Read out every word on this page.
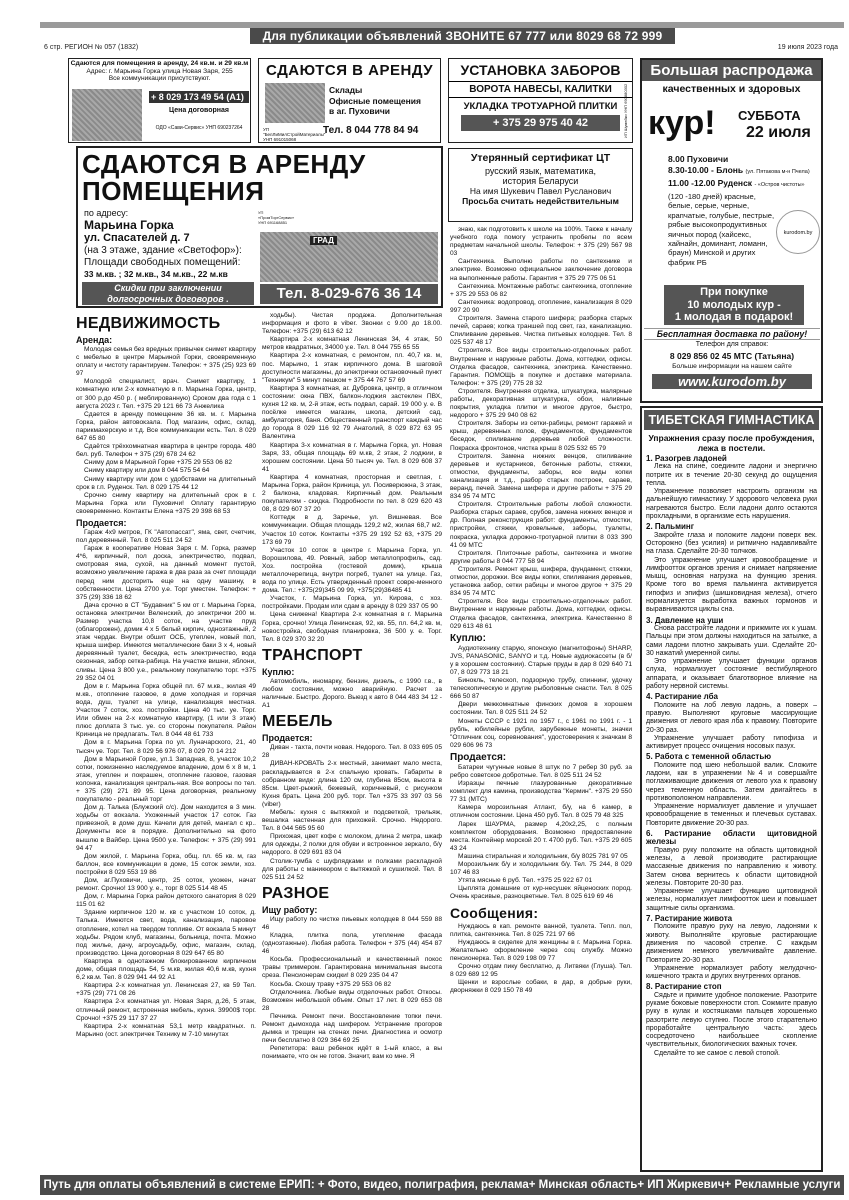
Для публикации объявлений ЗВОНИТЕ 67 777 или 8029 68 72 999
6 стр. РЕГИОН № 057 (1832)	19 июля 2023 года
Сдаются для помещения в аренду, 24 кв.м. и 29 кв.м
Адрес: г. Марьина Горка улица Новая Заря, 255
Все коммуникации присутствуют.
+ 8 029 173 49 54 (A1)
Цена договорная
ОДО «Сави-Сервис» УНП 690237264
СДАЮТСЯ В АРЕНДУ
Склады
Офисные помещения
в аг. Пуховичи
УП "БелЛиМилСтройМатериалы" УНП 691015068
Тел. 8 044 778 84 94
УСТАНОВКА ЗАБОРОВ
ВОРОТА НАВЕСЫ, КАЛИТКИ
УКЛАДКА ТРОТУАРНОЙ ПЛИТКИ
+ 375 29 975 40 42	ИП Шумейко УНП 690880302
Большая распродажа
качественных и здоровых
кур! СУББОТА
22 июля
8.00 Пуховичи
8.30-10.00 - Блонь (ул. Пятакова м-н Пчела)
11.00 -12.00 Руденск - «Остров чистоты»
(120 -180 дней) красные, белые, серые, черные, крапчатые, голубые, пестрые, рябые высокопродуктивных яичных пород (хайсекс, хайнайн, доминант, ломанн, браун) Минской и других фабрик РБ
kurodom.by
При покупке
10 молодых кур -
1 молодая в подарок!
Бесплатная доставка по району!
Телефон для справок:
8 029 856 02 45 МТС (Татьяна)
Больше информации на нашем сайте
www.kurodom.by
СДАЮТСЯ В АРЕНДУ
ПОМЕЩЕНИЯ
по адресу:
Марьина Горка
ул. Спасателей д. 7
(на 3 этаже, здание «Светофор»):
Площади свободных помещений:
33 м.кв. ; 32 м.кв., 34 м.кв., 22 м.кв
Скидки при заключении долгосрочных договоров .
УП «ПромТоргСервис» УНП 691168851
ГРАД
Тел. 8-029-676 36 14
Утерянный сертификат ЦТ
русский язык, математика,
история Беларуси
На имя Шукевич Павел Русланович
Просьба считать недействительным
НЕДВИЖИМОСТЬ
Аренда:

Молодая семья без вредных привычек снимет квартиру с мебелью в центре Марьиной Горки, своевременную оплату и чистоту гарантируем. Телефон: + 375 (25) 923 69 97

Молодой специалист, врач. Снимет квартиру, 1 комнатную или 2-х комнатную в п. Марьина Горка, центр, от 300 р.до 450 р. ( меблированную) Сроком два года с 1 августа 2023 г. Тел. +375 29 121 66 73 Анжелика

Сдается в аренду помещение 36 кв. м. г. Марьина Горка, район автовокзала. Под магазин, офис, склад, парикмахерскую и т.д. Все коммуникации есть. Тел. 8 029 647 65 80

Сдаётся трёхкомнатная квартира в центре города. 480 бел. руб. Телефон + 375 (29) 678 24 62

Сниму дом в Марьиной Горке +375 29 553 06 82

Сниму квартиру или дом 8 044 575 54 64

Сниму квартиру или дом с удобствами на длительный срок в г.п. Руденск. Тел. 8 029 175 44 12

Срочно сниму квартиру на длительный срок в г. Марьина Горка или Пуховичи! Оплату гарантирую своевременно. Контакты Елена +375 29 398 68 53

Продается:

Гараж 4х9 метров, ГК "Автопассат", яма, свет, счетчик, пол деревянный. Тел. 8 025 511 24 52

Гараж в кооперативе Новая Заря г. М. Горка, размер 4*6, кирпичный, пол доска, электричество, подвал, смотровая яма, сухой, на данный момент пустой, возможно увеличение гаража в два раза за счет площади перед ним досторить еще на одну машину, в собственности. Цена 2700 у.е. Торг уместен. Телефон: + 375 (29) 336 18 62

Дача срочно в СТ "Будавник" 5 км от г. Марьина Горка, остановка электрички Веленский, до электрички 200 м. Размер участка 10,8 соток, на участке пруд (облагорожен), домик 4 х 5 белый кирпич, одноэтажный, 2 этаж чердак. Внутри обшит ОСБ, утеплен, новый пол, крыша шифер. Имеются металлические баки 3 х 4, новый деревянный туалет, беседка, есть электричество, вода сезонная, забор сетка-рабица. На участке вишни, яблони, сливы. Цена 3 800 у.е., реальному покупателю торг. +375 29 352 04 01

Дом в г. Марьина Горка общей пл. 67 м.кв., жилая 49 м.кв., отопление газовое, в доме холодная и горячая вода, душ, туалет на улице, канализация местная. Участок 7 соток, хоз. постройки. Цена 40 тыс. уе. Торг. Или обмен на 2-х комнатную квартиру, (1 или 3 этаж) плюс доплата 3 тыс. уе. со стороны покупателя. Район Криница не предлагать. Тел. 8 044 48 61 733

Дом в г. Марьина Горка по ул. Луначарского, 21, 40 тысяч уе. Торг. Тел. 8 029 56 976 07, 8 029 70 14 212

Дом в Марьиной Горке, ул.1 Западная, 8, участок 10,2 сотки, пожизненно наследуемое владение, дом 6 х 8 м, 1 этаж, утеплен и покрашен, отопление газовое, газовая колонка, канализация централь-ная. Все вопросы по тел. + 375 (29) 271 89 95. Цена договорная, реальному покупателю - реальный торг

Дом д. Талька (Блужский с/с). Дом находится в 3 мин. ходьбы от вокзала. Ухоженный участок 17 соток. Газ привезной, в доме душ. Качели для детей, мангал с кр.. Документы все в порядке. Дополнительно на фото вышлю в Вайбер. Цена 9500 у.е. Телефон: + 375 (29) 991 94 47

Дом жилой, г. Марьина Горка, общ. пл. 65 кв. м, газ баллон, все коммуникации в доме, 15 соток земли, хоз. постройки 8 029 553 19 86

Дом, аг.Пуховичи, центр, 25 соток, ухожен, начат ремонт. Срочно! 13 900 у. е., торг 8 025 514 48 45

Дом, г. Марьина Горка район детского санатория 8 029 115 01 62

Здание кирпичное 120 м. кв с участком 10 соток, д. Талька. Имеются свет, вода, канализация, паровое отопление, котел на твердом топливе. От вокзала 5 минут ходьбы. Рядом клуб, магазины, больница, почта. Можно под жилье, дачу, агроусадьбу, офис, магазин, склад, производство. Цена договорная 8 029 647 65 80

Квартира в однотажном блокированном кирпичном доме, общая площадь 54, 5 м.кв, жилая 40,6 м.кв, кухня 6,2 кв.м. Тел. 8 029 941 44 92 А1

Квартира 2-х комнатная ул. Ленинская 27, кв 59 Тел. +375 (29) 771 08 26

Квартира 2-х комнатная ул. Новая Заря, д.26, 5 этаж, отличный ремонт, встроенная мебель, кухня. 39900$ торг. Срочно! +375 29 117 37 27

Квартира 2-х комнатная 53,1 метр квадратных. п. Марьино (ост. электричек Технику м 7-10 минутах

ходьбы). Чистая продажа. Дополнительная информация и фото в viber. Звонки с 9.00 до 18.00. Телефон: +375 (29) 613 62 12

Квартира 2-х комнатная Ленинская 34, 4 этаж, 50 метров квадратных, 34000 у.е. Тел. 8 044 755 65 55

Квартира 2-х комнатная, с ремонтом, пл. 40,7 кв. м, пос. Марьино, 1 этаж кирпичного дома. В шаговой доступности магазины, до электрички остановочный пункт "Техникум" 5 минут пешком + 375 44 767 57 69

Квартира 3 комнатная, аг. Дубровка, центр, в отличном состоянии: окна ПВХ, балкон-лоджия застеклен ПВХ, кухня 12 кв. м, 2-й этаж, есть подвал, сарай. 19 000 у. е. В посёлке имеется магазин, школа, детский сад, амбулатория, баня. Общественный транспорт каждый час до города 8 029 116 92 79 Анатолий, 8 029 872 63 95 Валентина

Квартира 3-х комнатная в г. Марьина Горка, ул. Новая Заря, 33, общая площадь 69 м.кв, 2 этаж, 2 лоджии, в хорошем состоянии. Цена 50 тысяч уе. Тел. 8 029 608 37 41

Квартира 4 комнатная, просторная и светлая, г. Марьина Горка, район Криница, ул. Посиверюжна, 3 этаж, 2 балкона, кладовая. Кирпичный дом. Реальным покупателям - скидка. Подробности по тел. 8 029 620 43 08, 8 029 607 37 20

Коттедж в д. Заречье, ул. Вишневая. Все коммуникации. Общая площадь 129,2 м2, жилая 68,7 м2. Участок 10 соток. Контакты +375 29 192 52 63, +375 29 173 69 79

Участок 10 соток в центре г. Марьина Горка, ул. Ворошилова, 49. Ровный, забор металлопрофиль, сад. Хоз. постройка (гостевой домик), крыша металлочерепица, внутри погреб, туалет на улице. Газ, вода по улице. Есть утвержденный проект совре-менного дома. Тел.: +375(29)345 09 99, +375(29)36485 41

Участок, г. Марьина Горка, ул. Кирова, с хоз. постройками. Продам или сдам в аренду 8 029 337 05 90

Цена снижена! Квартира 2-х комнатная в г. Марьина Горка, срочно! Улица Ленинская, 92, кв. 55, пл. 64,2 кв. м, новостройка, свободная планировка, 36 500 у. е. Торг. Тел. 8 029 370 32 20

ТРАНСПОРТ
Куплю:

Автомобиль, иномарку, бензин, дизель, с 1990 г.в., в любом состоянии, можно аварийную. Расчет за наличные. Быстро. Дорого. Выезд к авто 8 044 483 34 12 - А1

МЕБЕЛЬ
Продается:

Диван - тахта, почти новая. Недорого. Тел. 8 033 695 05 28

ДИВАН-КРОВАТЬ 2-х местный, занимает мало места, раскладывается в 2-х спальную кровать. Габариты в собранном виде: длина 120 см, глубина 85см, высота в 85см. Цвет-рыжий, бежевый, коричневый, с рисунком Кухня брать. Цена 200 руб. торг. Тел +375 33 397 03 56 (viber)

Мебель: кухня с вытяжкой и подсветкой, трельяж, вешалка настенная для прихожей. Срочно. Недорого. Тел. 8 044 565 95 60

Прихожая, цвет кофе с молоком, длина 2 метра, шкаф для одежды, 2 полки для обуви и встроенное зеркало, б/у недорого. 8 029 691 83 04

Столик-тумба с шуфлядками и полками раскладной для работы с маникюром с вытяжкой и сушилкой. Тел. 8 025 511 24 52

РАЗНОЕ
Ищу работу:

Ищу работу по чистке пиьевых колодцев 8 044 559 88 46

Кладка, плитка пола, утепление фасада (одноэтажные). Любая работа. Телефон + 375 (44) 454 87 46

Косьба. Профессиональный и качественный покос травы триммером. Гарантирована минимальная высота среза. Пенсионерам скидки! 8 029 235 04 47

Косьба. Скошу траву +375 29 553 06 82

Отделочника. Любые виды отделочных работ. Откосы. Возможен небольшой объем. Опыт 17 лет. 8 029 653 08 28

Печника. Ремонт печи. Восстановление топки печи. Ремонт дымохода над шифером. Устранение прогоров дымка и трещин на стенах печи. Диагностика и осмотр печи бесплатно 8 029 364 69 25

Репетитора: ваш ребенок идёт в 1-ый класс, а вы понимаете, что он не готов. Значит, вам ко мне. Я

знаю, как подготовить к школе на 100%. Также к началу учебного года помогу устранить пробелы по всем предметам начальной школы. Телефон: + 375 (29) 567 98 03

Сантехника. Выполню работы по сантехнике и электрике. Возможно официальное заключение договора на выполненные работы. Гарантия + 375 29 775 06 51

Сантехника. Монтажные работы: сантехника, отопление + 375 29 553 06 82

Сантехника: водопровод, отопление, канализация 8 029 997 20 90

Строителя. Замена старого шифера; разборка старых печей, сараев; копка траншей под свет, газ, канализацию. Спиливание деревьев. Чистка питьевых колодцев. Тел. 8 025 537 48 17

Строителя. Все виды строительно-отделочных работ. Внутренние и наружные работы. Дома, коттеджи, офисы. Отделка фасадов, сантехника, электрика. Качественно. Гарантия. ПОМОЩЬ в покупке и доставке материала. Телефон: + 375 (29) 775 28 32

Строителя. Внутренняя отделка, штукатурка, малярные работы, декоративная штукатурка, обои, наливные покрытия, укладка плитки и многое другое, быстро, недорого + 375 29 940 08 62

Строителя. Заборы из сетки-рабицы, ремонт гаражей и крыш, деревянных полов, фундаментов, фундаментов беседок, спиливание деревьев любой сложности. Покраска фронтонов, чистка крыш 8 025 532 65 79

Строителя. Замена нижних венцов, спиливание деревьев и кустарников, бетонные работы, стяжки, отмостки, фундаменты, заборы, все виды копки канализация и т.д., разбор старых построек, сараев, веранд, печей. Замена шифера и другие работы + 375 29 834 95 74 МТС

Строителя. Строительные работы любой сложности. Разборка старых сараев, срубов, замена нижних венцов и др. Полная реконструкция работ: фундаменты, отмостки, пристройки, стяжки, кровельные, заборы, туалеты, покраска, укладка дорожно-тротуарной плитки 8 033 390 41 09 МТС

Строителя. Плиточные работы, сантехника и многие другие работы 8 044 777 58 94

Строителя. Ремонт крыш, шифера, фундамент, стяжки, отмостки, дорожки. Все виды копки, спиливания деревьев, установка забор, сетки рабицы и многое другое + 375 29 834 95 74 МТС

Строителя. Все виды строительно-отделочных работ. Внутренние и наружные работы. Дома, коттеджи, офисы. Отделка фасадов, сантехника, электрика. Качественно 8 029 613 48 61

Куплю:

Аудиотехнику старую, японскую (магнитофоны) SHARP, JVS, PANASONIC, SANYO и т.д. Новые аудиокассеты (в б/у в хорошем состоянии). Старые пруды в дар 8 029 640 71 07, 8 029 773 18 21

Бинокль, телескоп, подзорную трубу, спиннинг, удочку телескопическую и другие рыболовные снасти. Тел. 8 025 666 50 87

Двери межкомнатные финских домов в хорошем состоянии. Тел. 8 025 511 24 52

Монеты СССР с 1921 по 1957 г., с 1961 по 1991 г. - 1 рубль, юбилейные рубли, зарубежные монеты, значки "Отличник соц. соревнования", удостоверения к значкам 8 029 606 96 73

Продается:

Батареи чугунные новые 8 штук по 7 ребер 30 руб. за ребро советское добротные. Тел. 8 025 511 24 52

Изразцы печные глазурованные декоративные комплект для камина, производства "Кермин". +375 29 550 77 31 (МТС)

Камера морозильная Атлант, б/у, на 6 камер, в отличном состоянии. Цена 450 руб. Тел. 8 025 79 48 325

Ларек ШАУРМА, размер 4,20х2,25, с полным комплектом оборудования. Возможно предоставление места. Контейнер морской 20 т. 4700 руб. Тел. +375 29 605 43 24

Машина стиральная и холодильник, б/у 8025 781 97 05

Морозильник б/у и холодильник б/у. Тел. 75 244, 8 029 107 46 83

Утята мясные 6 руб. Тел. +375 25 922 67 01

Цыплята домашние от кур-несушек яйценоских пород. Очень красивые, разноцветные. Тел. 8 025 619 69 46

Сообщения:

Нуждаюсь в кап. ремонте ванной, туалета. Тепл. пол, плитка, сантехника. Тел. 8 025 721 97 66

Нуждаюсь в сиделке для женщины в г. Марьина Горка. Желательно оформление через соц службу. Можно пенсионерка. Тел. 8 029 198 09 77

Срочно отдам пику бесплатно, д. Литвяки (Глуша). Тел. 8 029 689 12 95

Щенки и взрослые собаки, в дар, в добрые руки, дворняжки 8 029 150 78 49

ТИБЕТСКАЯ ГИМНАСТИКА
Упражнения сразу после пробуждения, лежа в постели.

1. Разогрев ладоней

Лежа на спине, соедините ладони и энергично потрите их в течение 20-30 секунд до ощущения тепла.

Упражнение позволяет настроить организм на дальнейшую гимнастику. У здорового человека руки нагреваются быстро. Если ладони долго остаются прохладными, в организме есть нарушения.

2. Пальминг

Закройте глаза и положите ладони поверх век. Осторожно (без усилия) и ритмично надавливайте на глаза. Сделайте 20-30 толчков.

Это упражнение улучшает кровообращение и лимфоотток органов зрения и снимает напряжение мышц, основная нагрузка на функцию зрения. Кроме того во время пальминга активируется гипофиз и эпифиз (шишковидная железа), отчего нормализуется выработка важных гормонов и выравниваются циклы сна.

3. Давление на уши

Снова расстройте ладони и прижмите их к ушам. Пальцы при этом должны находиться на затылке, а сами ладони плотно закрывать уши. Сделайте 20-30 нажатий умеренной силы.

Это упражнение улучшает функции органов слуха, нормализует состояние вестибулярного аппарата, и оказывает благотворное влияние на работу нервной системы.

4. Растирание лба

Положите на лоб левую ладонь, а поверх – правую. Выполняют круговые массирующие движения от левого края лба к правому. Повторите 20-30 раз.

Упражнение улучшает работу гипофиза и активирует процесс очищения носовых пазух.

5. Работа с теменной областью

Положите под шею небольшой валик. Сложите ладони, как в упражнении №4 и совершайте поглаживающие движения от левого уха к правому через теменную область. Затем двигайтесь в противоположном направлении.

Упражнение нормализует давление и улучшает кровообращение в теменных и плечевых суставах. Повторите движение 20-30 раз.

6. Растирание области щитовидной железы

Правую руку положите на область щитовидной железы, а левой производите растирающие массажные движения по направлению к животу. Затем снова вернитесь к области щитовидной железы. Повторите 20-30 раз.

Упражнение улучшает функцию щитовидной железы, нормализует лимфоотток шеи и повышает защитные силы организма.

7. Растирание живота

Положите правую руку на левую, ладонями к животу. Выполняйте круговые растирающие движения по часовой стрелке. С каждым движением немного увеличивайте давление. Повторите 20-30 раз.

Упражнение нормализует работу желудочно-кишечного тракта и других внутренних органов.

8. Растирание стоп

Сядьте и примите удобное положение. Разотрите рукаме боковые поверхности стоп. Сожмите правую руку в кулак и костяшками пальцев хорошенько разотрите левую ступню. После этого старательно проработайте центральную часть: здесь сосредоточено наибольшее скопление чувствительных, биологических важных точек.

Сделайте то же самое с левой стопой.

Путь для оплаты объявлений в системе ЕРИП: + Фото, видео, полиграфия, реклама+ Минская область+ ИП Жиркевич+ Рекламные услуги
